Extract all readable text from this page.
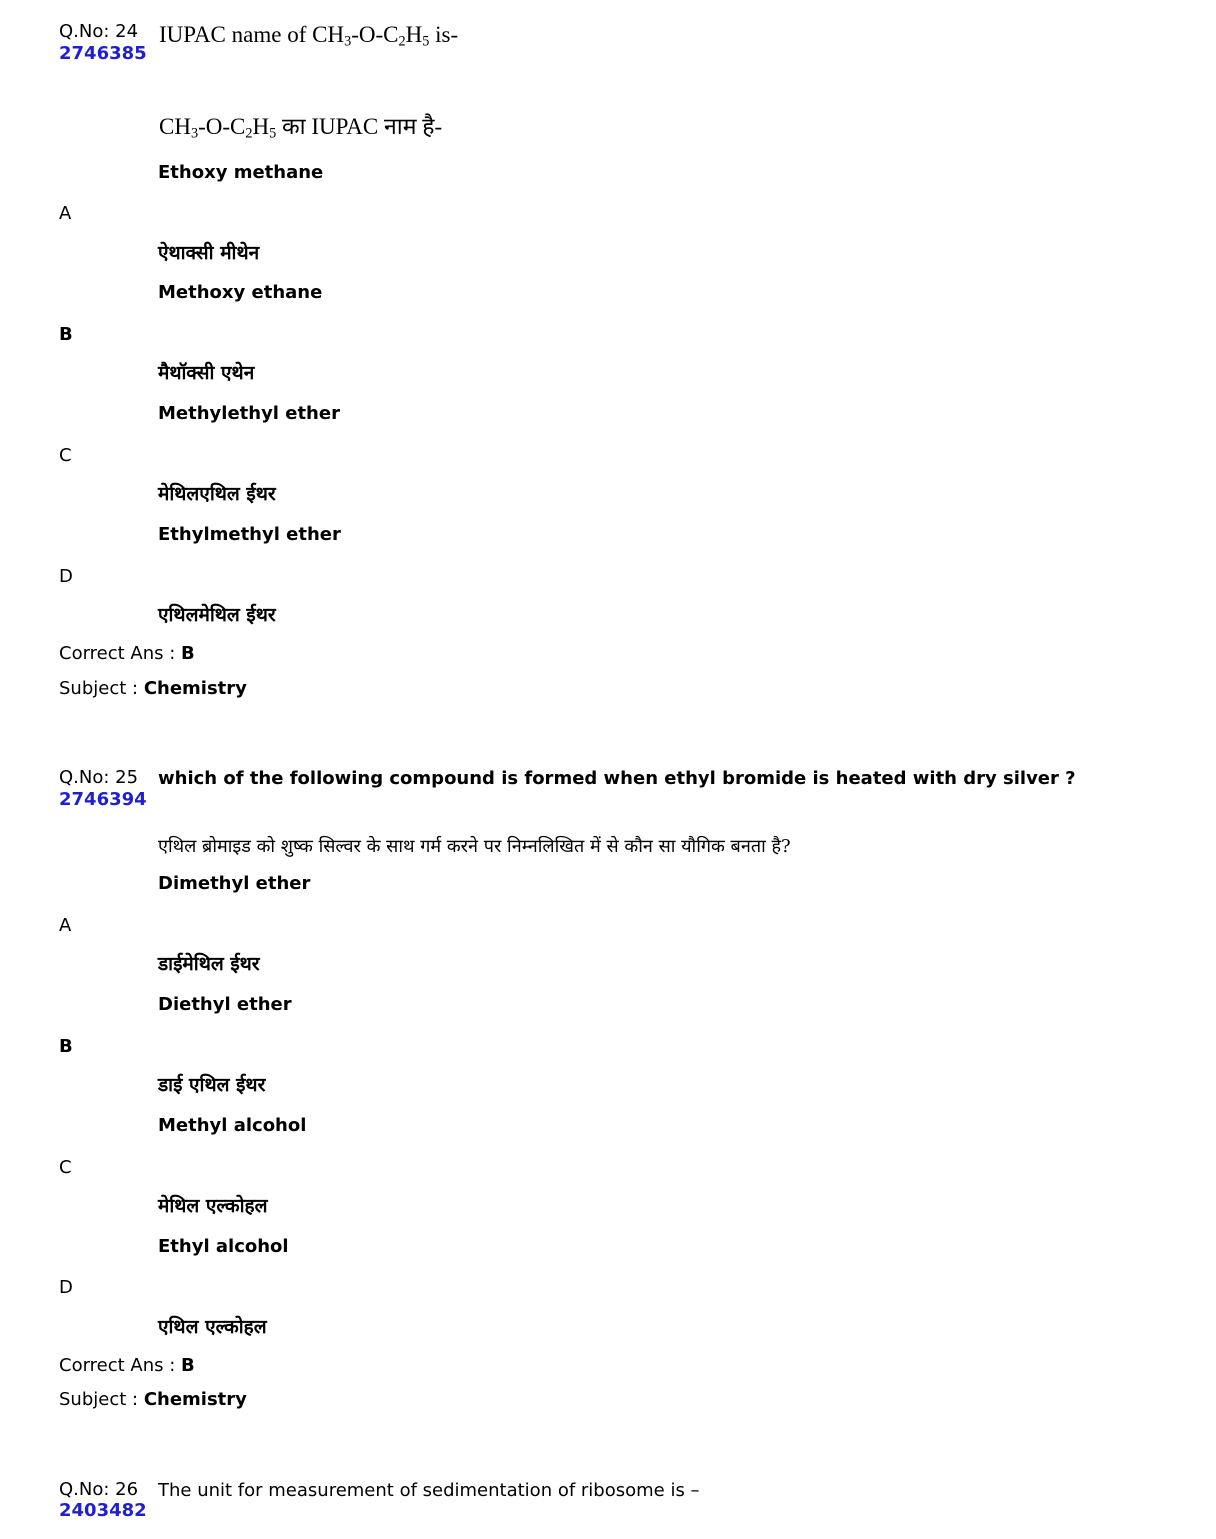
Q.No: 24
2746385
IUPAC name of $CH_3-O-C_2H_5$ is-
$CH_3-O-C_2H_5$ का IUPAC नाम है-
Ethoxy methane
A
ऐथाक्सी मीथेन
Methoxy ethane
B
मैथॉक्सी एथेन
Methylethyl ether
C
मेथिलएथिल ईथर
Ethylmethyl ether
D
एथिलमेथिल ईथर
Correct Ans : B
Subject : Chemistry
Q.No: 25
2746394
which of the following compound is formed when ethyl bromide is heated with dry silver ?
एथिल ब्रोमाइड को शुष्क सिल्वर के साथ गर्म करने पर निम्नलिखित में से कौन सा यौगिक बनता है?
Dimethyl ether
A
डाईमेथिल ईथर
Diethyl ether
B
डाई एथिल ईथर
Methyl alcohol
C
मेथिल एल्कोहल
Ethyl alcohol
D
एथिल एल्कोहल
Correct Ans : B
Subject : Chemistry
Q.No: 26
2403482
The unit for measurement of sedimentation of ribosome is –
